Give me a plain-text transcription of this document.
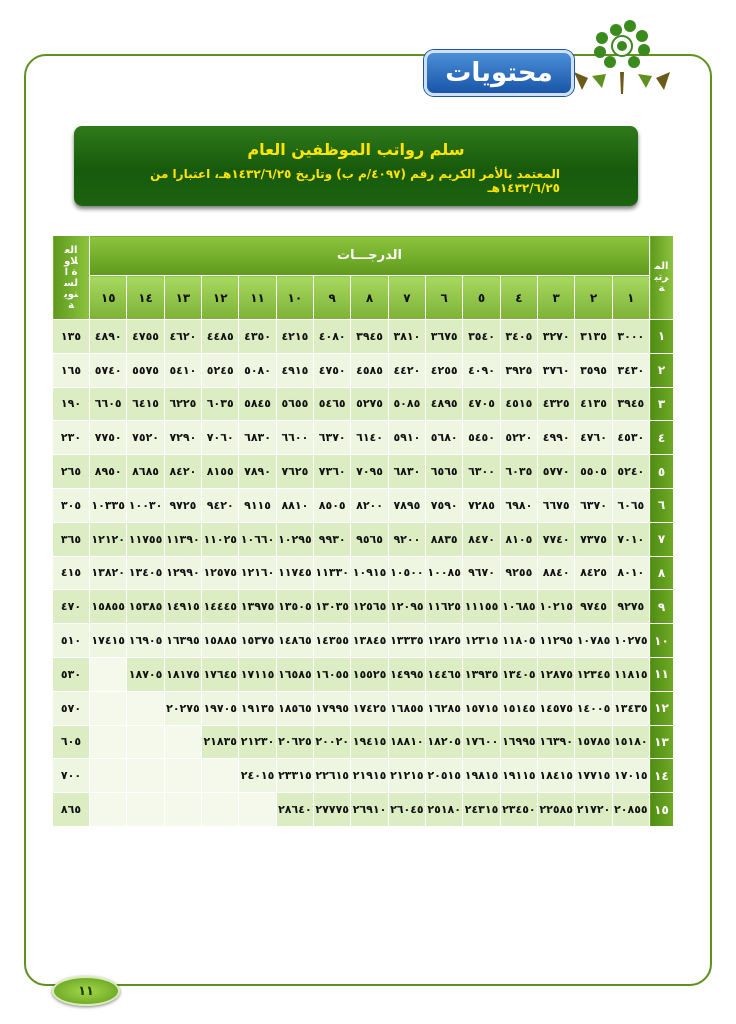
محتويات
سلم رواتب الموظفين العام
المعتمد بالأمر الكريم رقم (٤٠٩٧/م ب) وتاريخ ١٤٣٢/٦/٢٥هـ، اعتبارا من ١٤٣٢/٦/٢٥هـ
المرتبة	الدرجـــات															العلاوة السنوية
	١	٢	٣	٤	٥	٦	٧	٨	٩	١٠	١١	١٢	١٣	١٤	١٥	
١	٣٠٠٠	٣١٣٥	٣٢٧٠	٣٤٠٥	٣٥٤٠	٣٦٧٥	٣٨١٠	٣٩٤٥	٤٠٨٠	٤٢١٥	٤٣٥٠	٤٤٨٥	٤٦٢٠	٤٧٥٥	٤٨٩٠	١٣٥
٢	٣٤٣٠	٣٥٩٥	٣٧٦٠	٣٩٢٥	٤٠٩٠	٤٢٥٥	٤٤٢٠	٤٥٨٥	٤٧٥٠	٤٩١٥	٥٠٨٠	٥٢٤٥	٥٤١٠	٥٥٧٥	٥٧٤٠	١٦٥
٣	٣٩٤٥	٤١٣٥	٤٣٢٥	٤٥١٥	٤٧٠٥	٤٨٩٥	٥٠٨٥	٥٢٧٥	٥٤٦٥	٥٦٥٥	٥٨٤٥	٦٠٣٥	٦٢٢٥	٦٤١٥	٦٦٠٥	١٩٠
٤	٤٥٣٠	٤٧٦٠	٤٩٩٠	٥٢٢٠	٥٤٥٠	٥٦٨٠	٥٩١٠	٦١٤٠	٦٣٧٠	٦٦٠٠	٦٨٣٠	٧٠٦٠	٧٢٩٠	٧٥٢٠	٧٧٥٠	٢٣٠
٥	٥٢٤٠	٥٥٠٥	٥٧٧٠	٦٠٣٥	٦٣٠٠	٦٥٦٥	٦٨٣٠	٧٠٩٥	٧٣٦٠	٧٦٢٥	٧٨٩٠	٨١٥٥	٨٤٢٠	٨٦٨٥	٨٩٥٠	٢٦٥
٦	٦٠٦٥	٦٣٧٠	٦٦٧٥	٦٩٨٠	٧٢٨٥	٧٥٩٠	٧٨٩٥	٨٢٠٠	٨٥٠٥	٨٨١٠	٩١١٥	٩٤٢٠	٩٧٢٥	١٠٠٣٠	١٠٣٣٥	٣٠٥
٧	٧٠١٠	٧٣٧٥	٧٧٤٠	٨١٠٥	٨٤٧٠	٨٨٣٥	٩٢٠٠	٩٥٦٥	٩٩٣٠	١٠٢٩٥	١٠٦٦٠	١١٠٢٥	١١٣٩٠	١١٧٥٥	١٢١٢٠	٣٦٥
٨	٨٠١٠	٨٤٢٥	٨٨٤٠	٩٢٥٥	٩٦٧٠	١٠٠٨٥	١٠٥٠٠	١٠٩١٥	١١٣٣٠	١١٧٤٥	١٢١٦٠	١٢٥٧٥	١٢٩٩٠	١٣٤٠٥	١٣٨٢٠	٤١٥
٩	٩٢٧٥	٩٧٤٥	١٠٢١٥	١٠٦٨٥	١١١٥٥	١١٦٢٥	١٢٠٩٥	١٢٥٦٥	١٣٠٣٥	١٣٥٠٥	١٣٩٧٥	١٤٤٤٥	١٤٩١٥	١٥٣٨٥	١٥٨٥٥	٤٧٠
١٠	١٠٢٧٥	١٠٧٨٥	١١٢٩٥	١١٨٠٥	١٢٣١٥	١٢٨٢٥	١٣٣٣٥	١٣٨٤٥	١٤٣٥٥	١٤٨٦٥	١٥٣٧٥	١٥٨٨٥	١٦٣٩٥	١٦٩٠٥	١٧٤١٥	٥١٠
١١	١١٨١٥	١٢٣٤٥	١٢٨٧٥	١٣٤٠٥	١٣٩٣٥	١٤٤٦٥	١٤٩٩٥	١٥٥٢٥	١٦٠٥٥	١٦٥٨٥	١٧١١٥	١٧٦٤٥	١٨١٧٥	١٨٧٠٥		٥٣٠
١٢	١٣٤٣٥	١٤٠٠٥	١٤٥٧٥	١٥١٤٥	١٥٧١٥	١٦٢٨٥	١٦٨٥٥	١٧٤٢٥	١٧٩٩٥	١٨٥٦٥	١٩١٣٥	١٩٧٠٥	٢٠٢٧٥			٥٧٠
١٣	١٥١٨٠	١٥٧٨٥	١٦٣٩٠	١٦٩٩٥	١٧٦٠٠	١٨٢٠٥	١٨٨١٠	١٩٤١٥	٢٠٠٢٠	٢٠٦٢٥	٢١٢٣٠	٢١٨٣٥				٦٠٥
١٤	١٧٠١٥	١٧٧١٥	١٨٤١٥	١٩١١٥	١٩٨١٥	٢٠٥١٥	٢١٢١٥	٢١٩١٥	٢٢٦١٥	٢٣٣١٥	٢٤٠١٥					٧٠٠
١٥	٢٠٨٥٥	٢١٧٢٠	٢٢٥٨٥	٢٣٤٥٠	٢٤٣١٥	٢٥١٨٠	٢٦٠٤٥	٢٦٩١٠	٢٧٧٧٥	٢٨٦٤٠						٨٦٥
١١
